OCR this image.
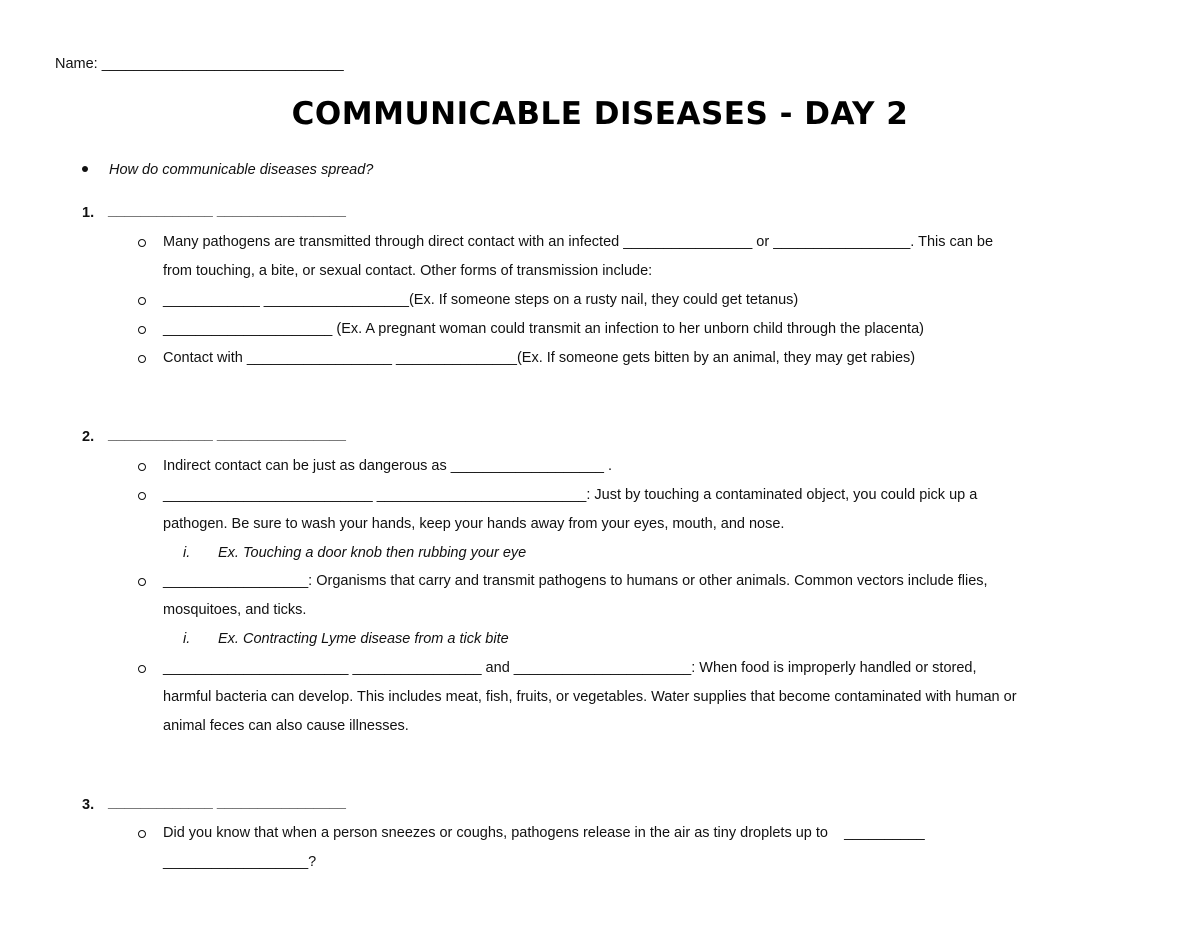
Name: ______________________________
COMMUNICABLE DISEASES - DAY 2
How do communicable diseases spread?
1. _____________ ________________
Many pathogens are transmitted through direct contact with an infected ________________ or _________________. This can be
from touching, a bite, or sexual contact. Other forms of transmission include:
____________ __________________(Ex. If someone steps on a rusty nail, they could get tetanus)
_____________________ (Ex. A pregnant woman could transmit an infection to her unborn child through the placenta)
Contact with __________________ _______________(Ex. If someone gets bitten by an animal, they may get rabies)
2. _____________ ________________
Indirect contact can be just as dangerous as ___________________ .
__________________________ __________________________: Just by touching a contaminated object, you could pick up a
pathogen. Be sure to wash your hands, keep your hands away from your eyes, mouth, and nose.
i. Ex. Touching a door knob then rubbing your eye
__________________: Organisms that carry and transmit pathogens to humans or other animals. Common vectors include flies,
mosquitoes, and ticks.
i. Ex. Contracting Lyme disease from a tick bite
_______________________ ________________ and ______________________: When food is improperly handled or stored,
harmful bacteria can develop. This includes meat, fish, fruits, or vegetables. Water supplies that become contaminated with human or
animal feces can also cause illnesses.
3. _____________ ________________
Did you know that when a person sneezes or coughs, pathogens release in the air as tiny droplets up to    __________
__________________?
